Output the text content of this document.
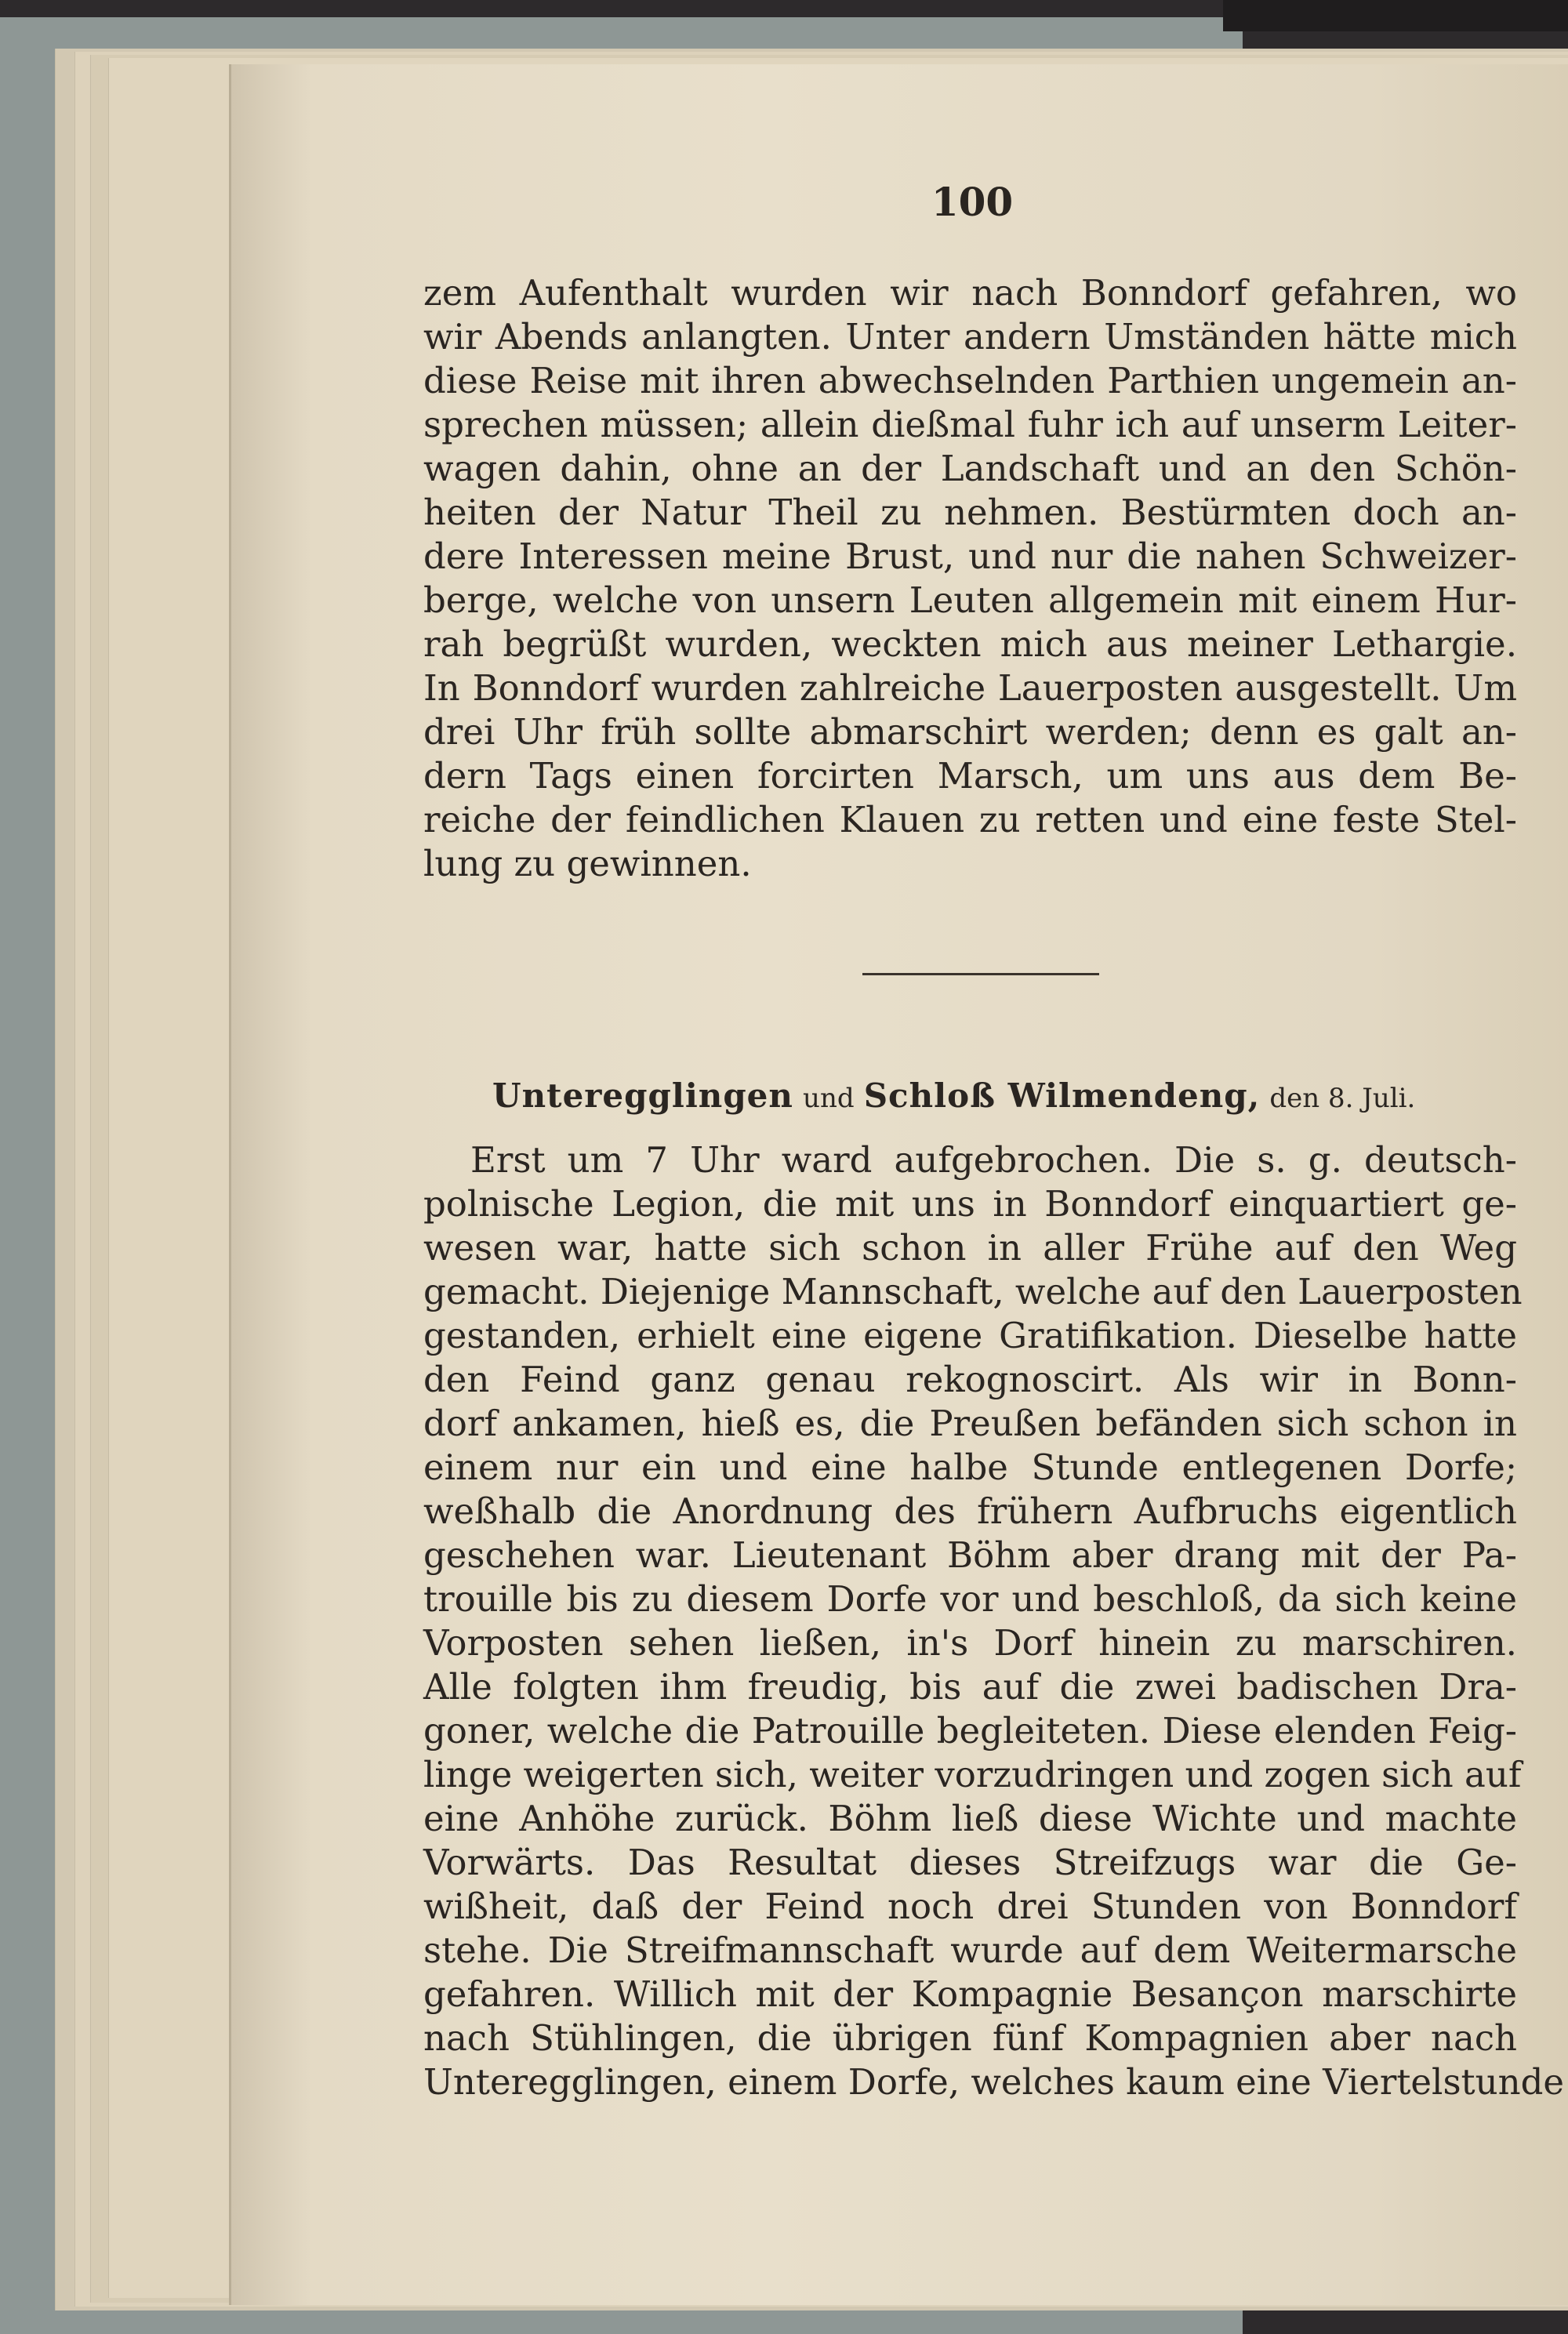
100
zem Aufenthalt wurden wir nach Bonndorf gefahren, wo
wir Abends anlangten. Unter andern Umständen hätte mich
diese Reise mit ihren abwechselnden Parthien ungemein an-
sprechen müssen; allein dießmal fuhr ich auf unserm Leiter-
wagen dahin, ohne an der Landschaft und an den Schön-
heiten der Natur Theil zu nehmen. Bestürmten doch an-
dere Interessen meine Brust, und nur die nahen Schweizer-
berge, welche von unsern Leuten allgemein mit einem Hur-
rah begrüßt wurden, weckten mich aus meiner Lethargie.
In Bonndorf wurden zahlreiche Lauerposten ausgestellt. Um
drei Uhr früh sollte abmarschirt werden; denn es galt an-
dern Tags einen forcirten Marsch, um uns aus dem Be-
reiche der feindlichen Klauen zu retten und eine feste Stel-
lung zu gewinnen.
Unteregglingen und Schloß Wilmendeng, den 8. Juli.
Erst um 7 Uhr ward aufgebrochen. Die s. g. deutsch-
polnische Legion, die mit uns in Bonndorf einquartiert ge-
wesen war, hatte sich schon in aller Frühe auf den Weg
gemacht. Diejenige Mannschaft, welche auf den Lauerposten
gestanden, erhielt eine eigene Gratifikation. Dieselbe hatte
den Feind ganz genau rekognoscirt. Als wir in Bonn-
dorf ankamen, hieß es, die Preußen befänden sich schon in
einem nur ein und eine halbe Stunde entlegenen Dorfe;
weßhalb die Anordnung des frühern Aufbruchs eigentlich
geschehen war. Lieutenant Böhm aber drang mit der Pa-
trouille bis zu diesem Dorfe vor und beschloß, da sich keine
Vorposten sehen ließen, in's Dorf hinein zu marschiren.
Alle folgten ihm freudig, bis auf die zwei badischen Dra-
goner, welche die Patrouille begleiteten. Diese elenden Feig-
linge weigerten sich, weiter vorzudringen und zogen sich auf
eine Anhöhe zurück. Böhm ließ diese Wichte und machte
Vorwärts. Das Resultat dieses Streifzugs war die Ge-
wißheit, daß der Feind noch drei Stunden von Bonndorf
stehe. Die Streifmannschaft wurde auf dem Weitermarsche
gefahren. Willich mit der Kompagnie Besançon marschirte
nach Stühlingen, die übrigen fünf Kompagnien aber nach
Unteregglingen, einem Dorfe, welches kaum eine Viertelstunde
